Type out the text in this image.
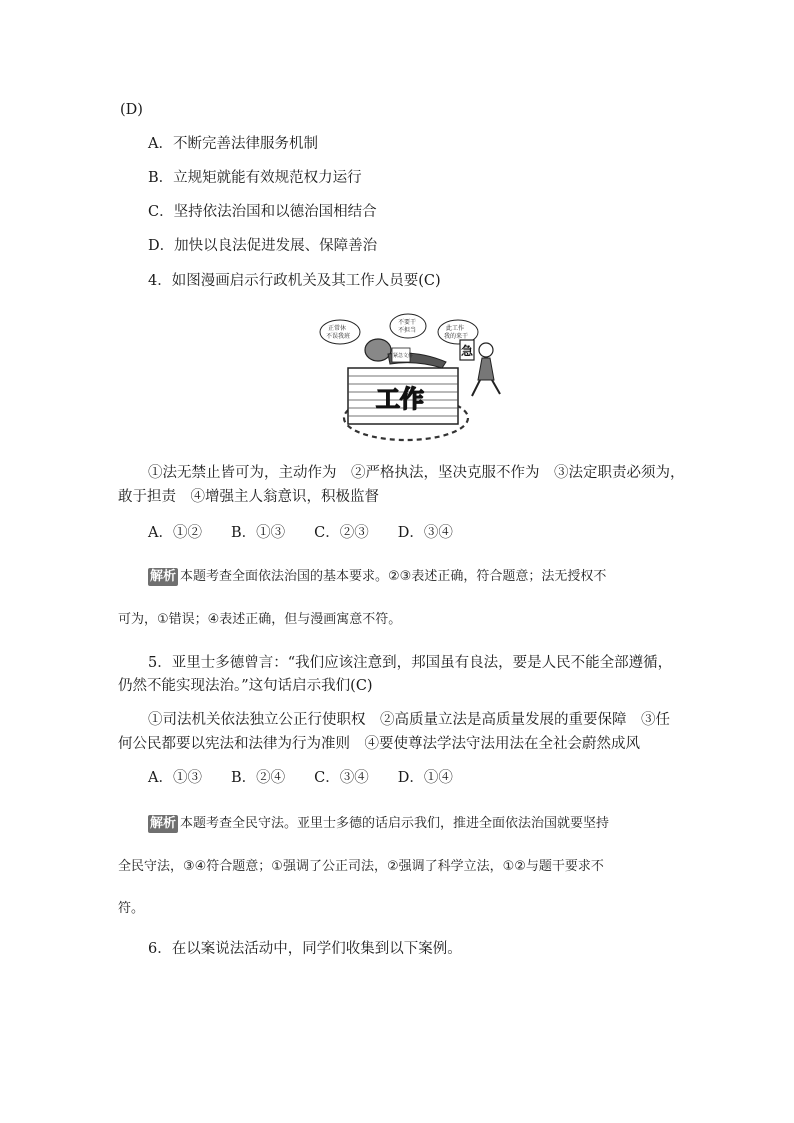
(D)
A．不断完善法律服务机制
B．立规矩就能有效规范权力运行
C．坚持依法治国和以德治国相结合
D．加快以良法促进发展、保障善治
4．如图漫画启示行政机关及其工作人员要(C)
工作
紧急文件
正常休
不误我班
不要干
不担当	此工作
我的来干
急
①法无禁止皆可为，主动作为　②严格执法，坚决克服不作为　③法定职责必须为，
敢于担责　④增强主人翁意识，积极监督
A．①②　　B．①③　　C．②③　　D．③④
解析 本题考查全面依法治国的基本要求。②③表述正确，符合题意；法无授权不
可为，①错误；④表述正确，但与漫画寓意不符。
5．亚里士多德曾言：“我们应该注意到，邦国虽有良法，要是人民不能全部遵循，
仍然不能实现法治。”这句话启示我们(C)
①司法机关依法独立公正行使职权　②高质量立法是高质量发展的重要保障　③任
何公民都要以宪法和法律为行为准则　④要使尊法学法守法用法在全社会蔚然成风
A．①③　　B．②④　　C．③④　　D．①④
解析 本题考查全民守法。亚里士多德的话启示我们，推进全面依法治国就要坚持
全民守法，③④符合题意；①强调了公正司法，②强调了科学立法，①②与题干要求不
符。
6．在以案说法活动中，同学们收集到以下案例。
